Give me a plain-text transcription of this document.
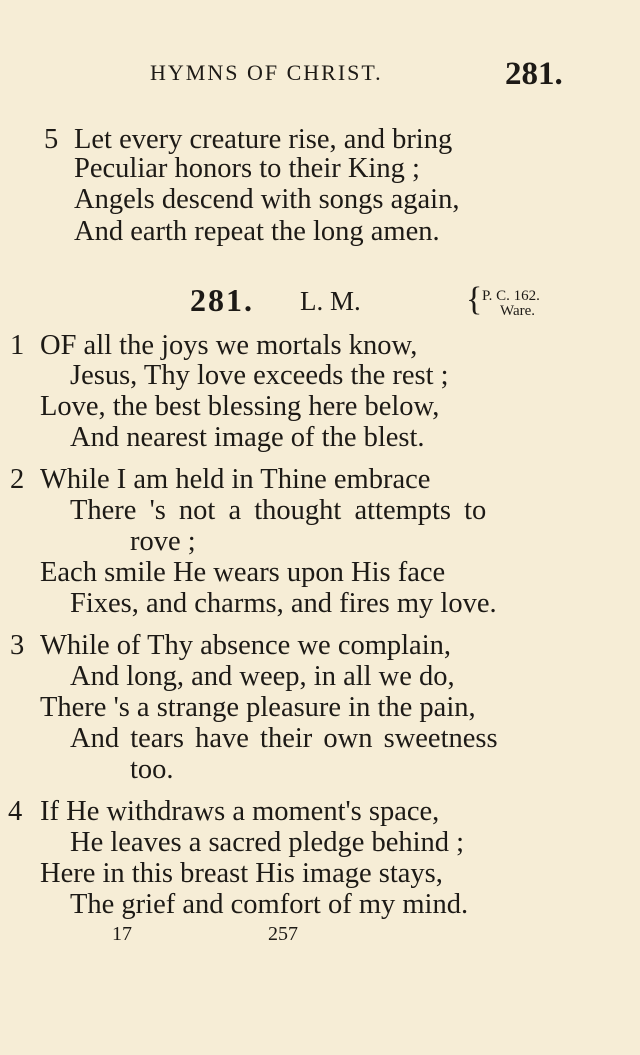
HYMNS OF CHRIST.	281.
5 Let every creature rise, and bring
Peculiar honors to their King ;
Angels descend with songs again,
And earth repeat the long amen.
281. L. M.	{ P. C. 162.
Ware.
1 OF all the joys we mortals know,
Jesus, Thy love exceeds the rest ;
Love, the best blessing here below,
And nearest image of the blest.
2 While I am held in Thine embrace
There 's not a thought attempts to
rove ;
Each smile He wears upon His face
Fixes, and charms, and fires my love.
3 While of Thy absence we complain,
And long, and weep, in all we do,
There 's a strange pleasure in the pain,
And tears have their own sweetness
too.
4 If He withdraws a moment's space,
He leaves a sacred pledge behind ;
Here in this breast His image stays,
The grief and comfort of my mind.
17	257
